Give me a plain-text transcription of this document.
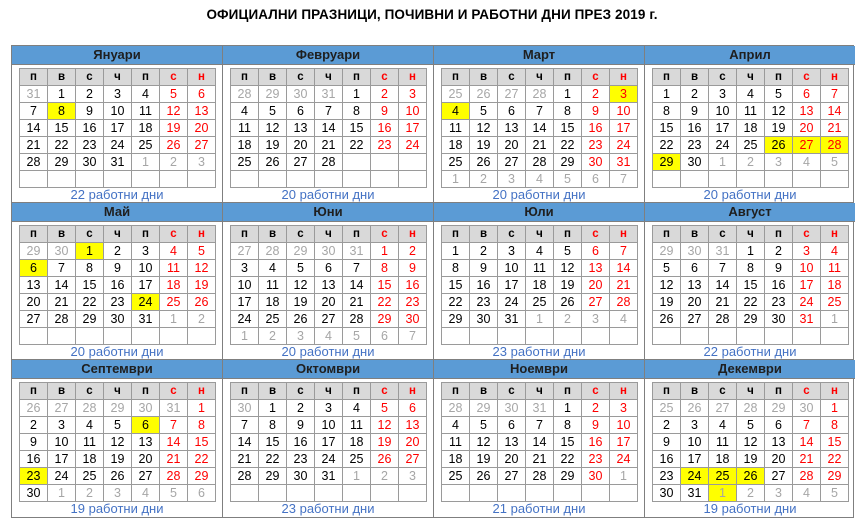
ОФИЦИАЛНИ ПРАЗНИЦИ, ПОЧИВНИ И РАБОТНИ ДНИ ПРЕЗ 2019 г.
Януари
п	в	с	ч	п	с	н
31	1	2	3	4	5	6
7	8	9	10	11	12	13
14	15	16	17	18	19	20
21	22	23	24	25	26	27
28	29	30	31	1	2	3

22 работни дни
Февруари
п	в	с	ч	п	с	н
28	29	30	31	1	2	3
4	5	6	7	8	9	10
11	12	13	14	15	16	17
18	19	20	21	22	23	24
25	26	27	28			

20 работни дни
Март
п	в	с	ч	п	с	н
25	26	27	28	1	2	3
4	5	6	7	8	9	10
11	12	13	14	15	16	17
18	19	20	21	22	23	24
25	26	27	28	29	30	31
1	2	3	4	5	6	7
20 работни дни
Април
п	в	с	ч	п	с	н
1	2	3	4	5	6	7
8	9	10	11	12	13	14
15	16	17	18	19	20	21
22	23	24	25	26	27	28
29	30	1	2	3	4	5

20 работни дни
Май
п	в	с	ч	п	с	н
29	30	1	2	3	4	5
6	7	8	9	10	11	12
13	14	15	16	17	18	19
20	21	22	23	24	25	26
27	28	29	30	31	1	2

20 работни дни
Юни
п	в	с	ч	п	с	н
27	28	29	30	31	1	2
3	4	5	6	7	8	9
10	11	12	13	14	15	16
17	18	19	20	21	22	23
24	25	26	27	28	29	30
1	2	3	4	5	6	7
20 работни дни
Юли
п	в	с	ч	п	с	н
1	2	3	4	5	6	7
8	9	10	11	12	13	14
15	16	17	18	19	20	21
22	23	24	25	26	27	28
29	30	31	1	2	3	4

23 работни дни
Август
п	в	с	ч	п	с	н
29	30	31	1	2	3	4
5	6	7	8	9	10	11
12	13	14	15	16	17	18
19	20	21	22	23	24	25
26	27	28	29	30	31	1

22 работни дни
Септември
п	в	с	ч	п	с	н
26	27	28	29	30	31	1
2	3	4	5	6	7	8
9	10	11	12	13	14	15
16	17	18	19	20	21	22
23	24	25	26	27	28	29
30	1	2	3	4	5	6
19 работни дни
Октомври
п	в	с	ч	п	с	н
30	1	2	3	4	5	6
7	8	9	10	11	12	13
14	15	16	17	18	19	20
21	22	23	24	25	26	27
28	29	30	31	1	2	3

23 работни дни
Ноември
п	в	с	ч	п	с	н
28	29	30	31	1	2	3
4	5	6	7	8	9	10
11	12	13	14	15	16	17
18	19	20	21	22	23	24
25	26	27	28	29	30	1

21 работни дни
Декември
п	в	с	ч	п	с	н
25	26	27	28	29	30	1
2	3	4	5	6	7	8
9	10	11	12	13	14	15
16	17	18	19	20	21	22
23	24	25	26	27	28	29
30	31	1	2	3	4	5
19 работни дни
